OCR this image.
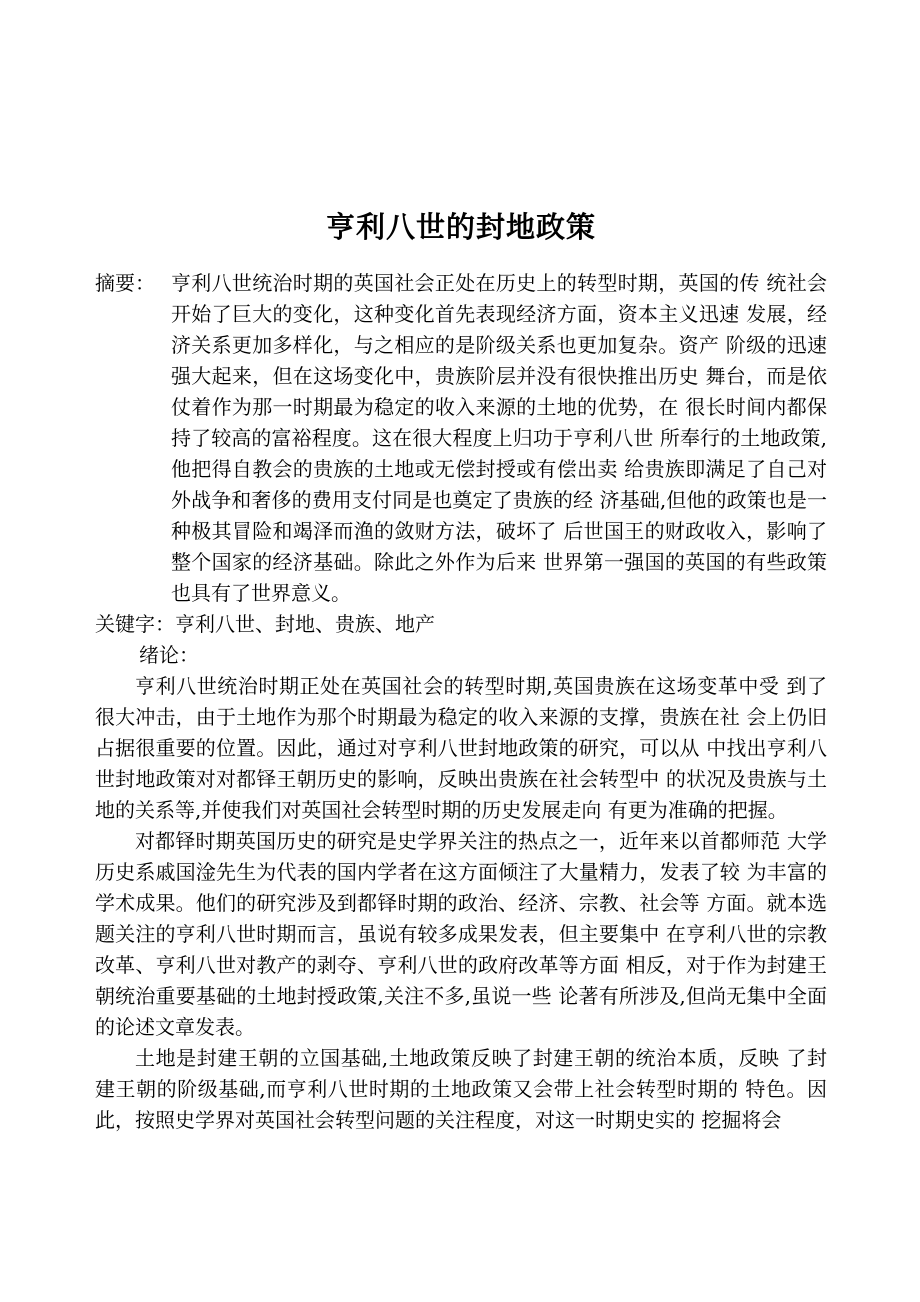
亨利八世的封地政策
摘要： 亨利八世统治时期的英国社会正处在历史上的转型时期，英国的传 统社会开始了巨大的变化，这种变化首先表现经济方面，资本主义迅速 发展，经济关系更加多样化，与之相应的是阶级关系也更加复杂。资产 阶级的迅速强大起来，但在这场变化中，贵族阶层并没有很快推出历史 舞台，而是依仗着作为那一时期最为稳定的收入来源的土地的优势，在 很长时间内都保持了较高的富裕程度。这在很大程度上归功于亨利八世 所奉行的土地政策,他把得自教会的贵族的土地或无偿封授或有偿出卖 给贵族即满足了自己对外战争和奢侈的费用支付同是也奠定了贵族的经 济基础,但他的政策也是一种极其冒险和竭泽而渔的敛财方法，破坏了 后世国王的财政收入，影响了整个国家的经济基础。除此之外作为后来 世界第一强国的英国的有些政策也具有了世界意义。
关键字：亨利八世、封地、贵族、地产
绪论：

亨利八世统治时期正处在英国社会的转型时期,英国贵族在这场变革中受 到了很大冲击，由于土地作为那个时期最为稳定的收入来源的支撑，贵族在社 会上仍旧占据很重要的位置。因此，通过对亨利八世封地政策的研究，可以从 中找出亨利八世封地政策对对都铎王朝历史的影响，反映出贵族在社会转型中 的状况及贵族与土地的关系等,并使我们对英国社会转型时期的历史发展走向 有更为准确的把握。

对都铎时期英国历史的研究是史学界关注的热点之一，近年来以首都师范 大学历史系戚国淦先生为代表的国内学者在这方面倾注了大量精力，发表了较 为丰富的学术成果。他们的研究涉及到都铎时期的政治、经济、宗教、社会等 方面。就本选题关注的亨利八世时期而言，虽说有较多成果发表，但主要集中 在亨利八世的宗教改革、亨利八世对教产的剥夺、亨利八世的政府改革等方面 相反，对于作为封建王朝统治重要基础的土地封授政策,关注不多,虽说一些 论著有所涉及,但尚无集中全面的论述文章发表。

土地是封建王朝的立国基础,土地政策反映了封建王朝的统治本质，反映 了封建王朝的阶级基础,而亨利八世时期的土地政策又会带上社会转型时期的 特色。因此，按照史学界对英国社会转型问题的关注程度，对这一时期史实的 挖掘将会
